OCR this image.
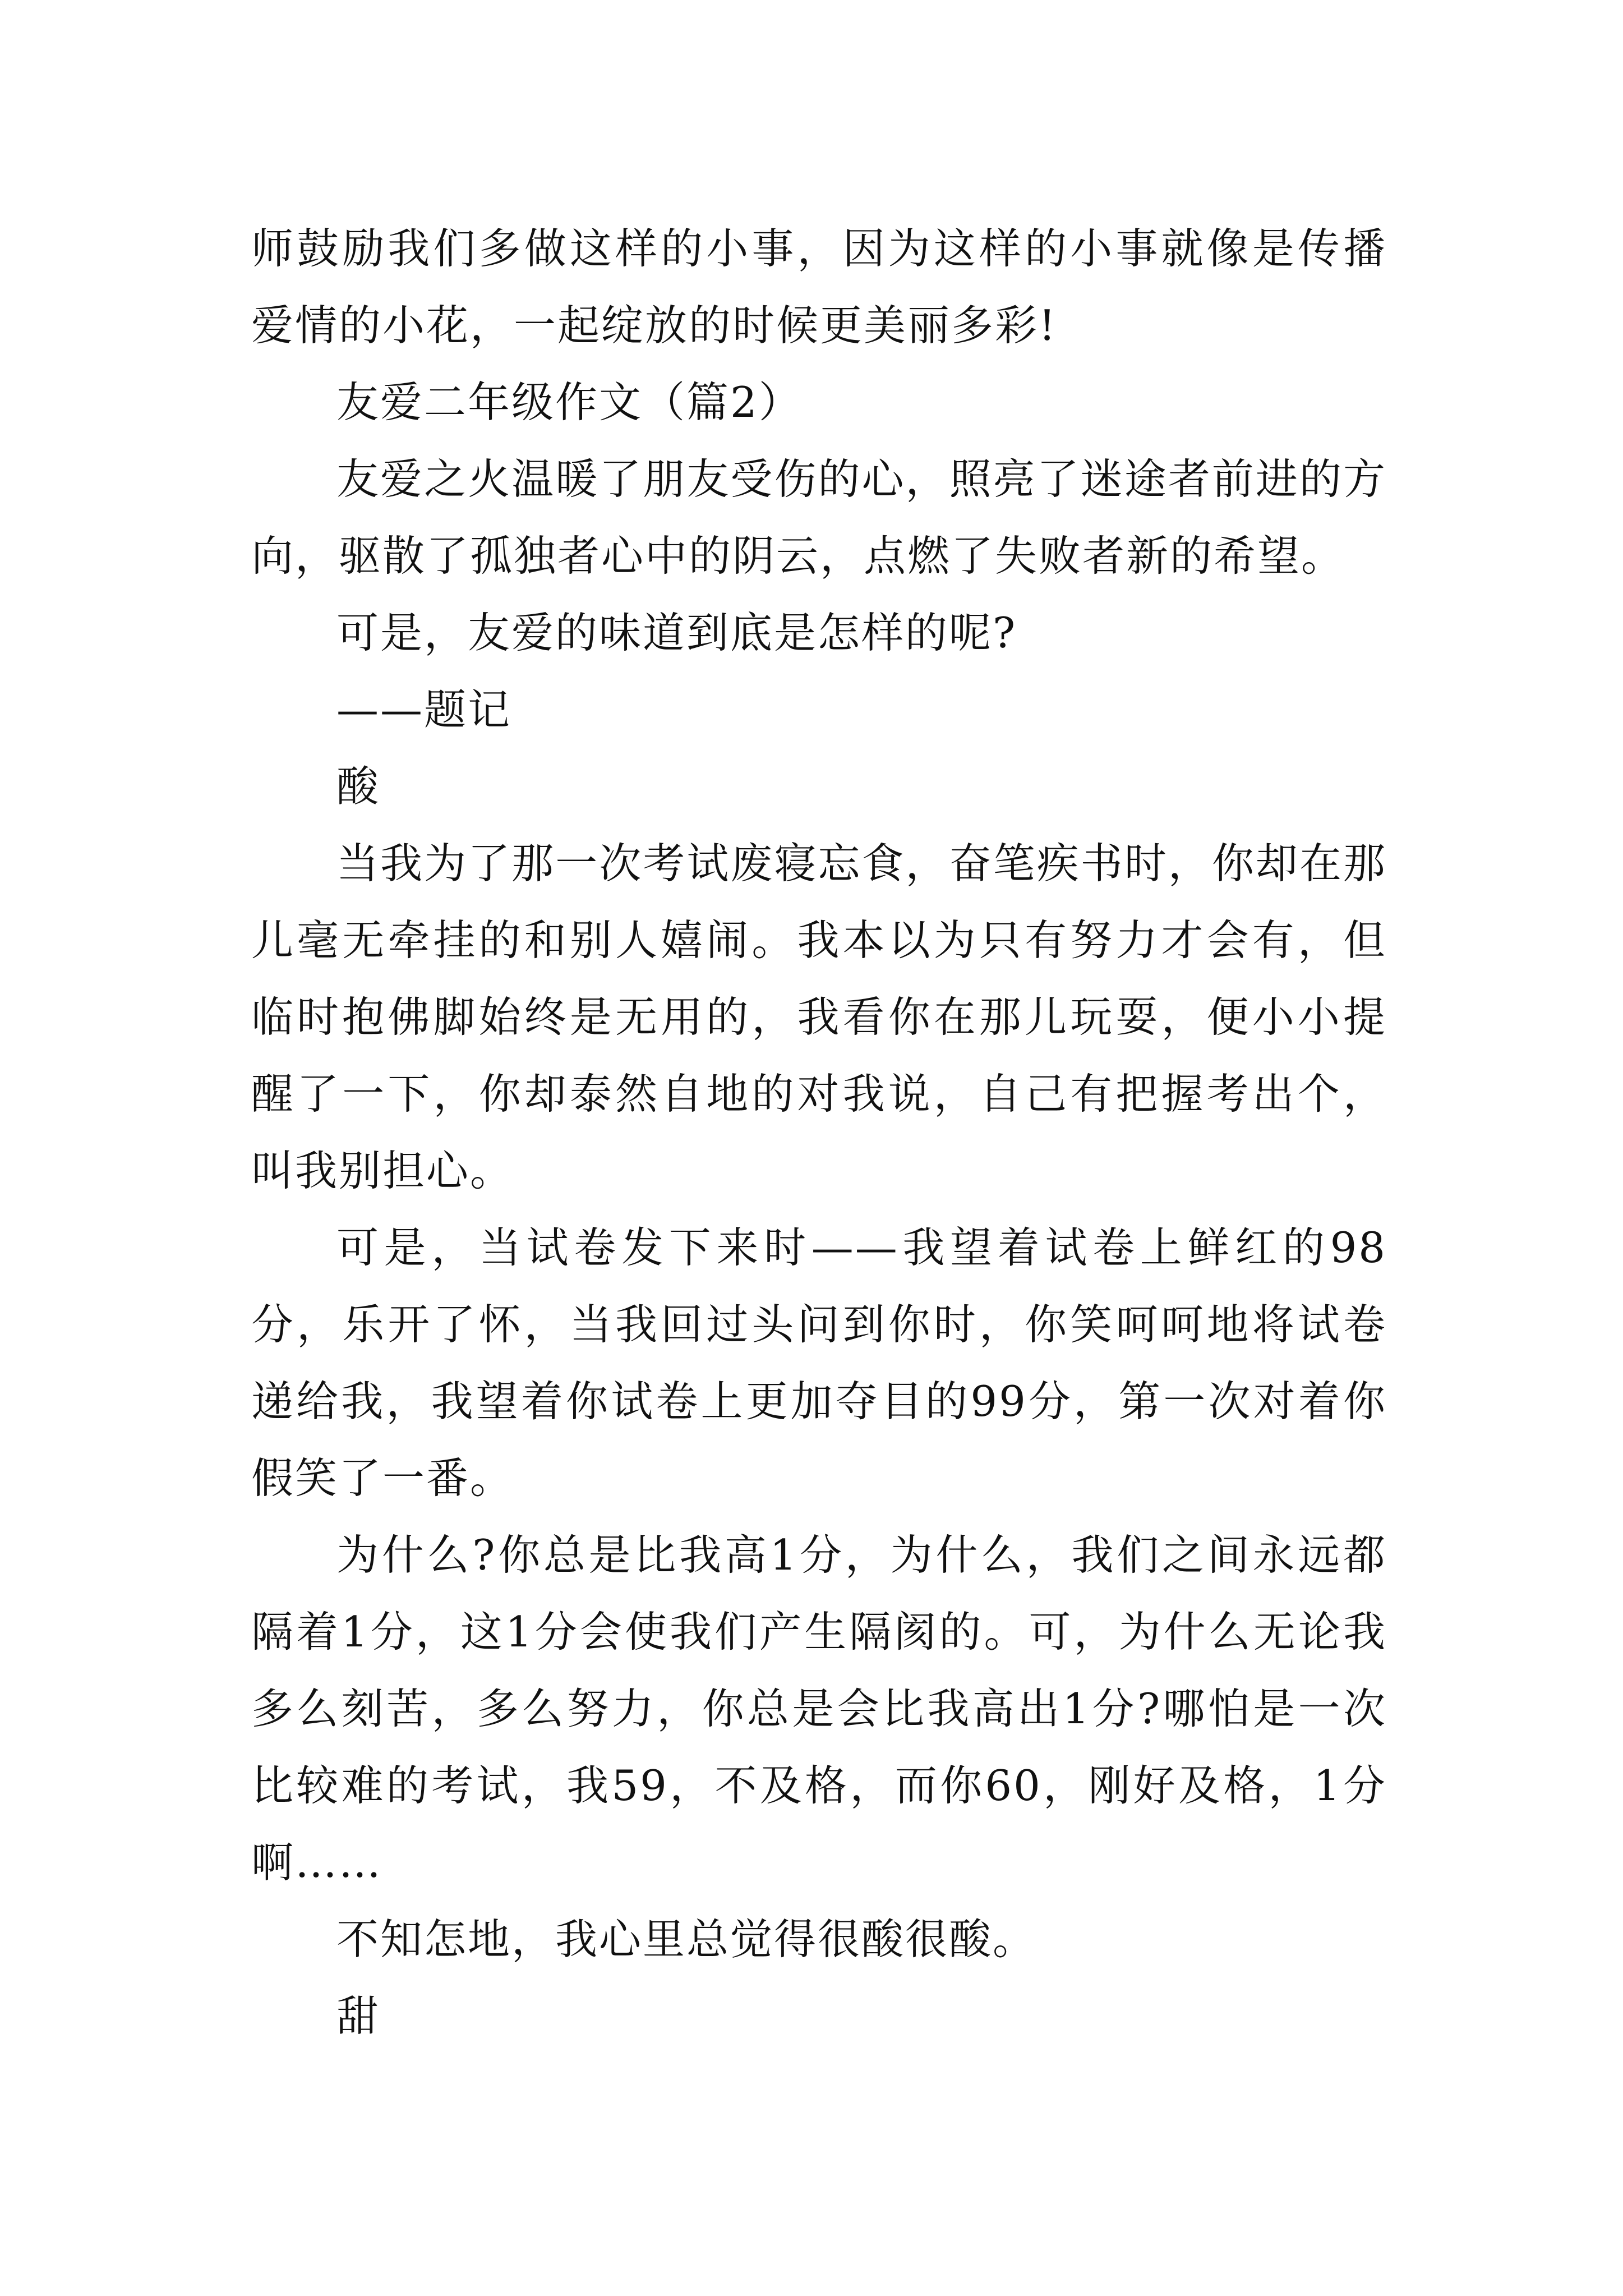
师鼓励我们多做这样的小事，因为这样的小事就像是传播爱情的小花，一起绽放的时候更美丽多彩!

友爱二年级作文（篇2）

友爱之火温暖了朋友受伤的心，照亮了迷途者前进的方向，驱散了孤独者心中的阴云，点燃了失败者新的希望。

可是，友爱的味道到底是怎样的呢?

——题记

酸

当我为了那一次考试废寝忘食，奋笔疾书时，你却在那儿毫无牵挂的和别人嬉闹。我本以为只有努力才会有，但临时抱佛脚始终是无用的，我看你在那儿玩耍，便小小提醒了一下，你却泰然自地的对我说，自己有把握考出个，叫我别担心。

可是，当试卷发下来时——我望着试卷上鲜红的98分，乐开了怀，当我回过头问到你时，你笑呵呵地将试卷递给我，我望着你试卷上更加夺目的99分，第一次对着你假笑了一番。

为什么?你总是比我高1分，为什么，我们之间永远都隔着1分，这1分会使我们产生隔阂的。可，为什么无论我多么刻苦，多么努力，你总是会比我高出1分?哪怕是一次比较难的考试，我59，不及格，而你60，刚好及格，1分啊……

不知怎地，我心里总觉得很酸很酸。

甜
